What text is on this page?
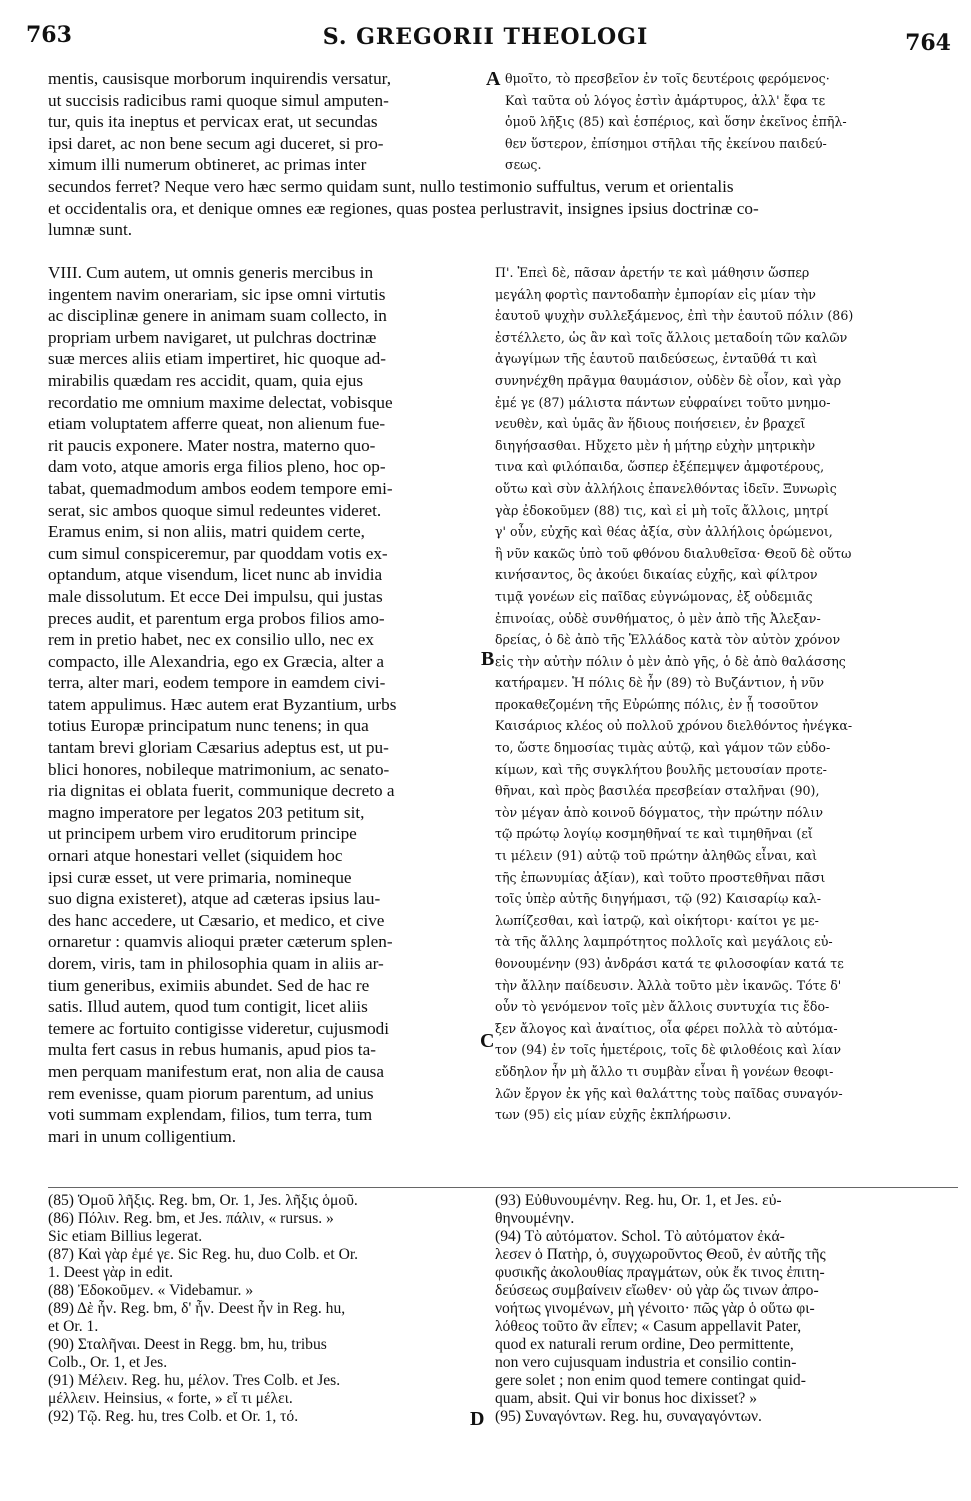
763	S. GREGORII THEOLOGI	764
A
B
C
D
mentis, causisque morborum inquirendis versatur,
ut succisis radicibus rami quoque simul amputen-
tur, quis ita ineptus et pervicax erat, ut secundas
ipsi daret, ac non bene secum agi duceret, si pro-
ximum illi numerum obtineret, ac primas inter
θμοῖτο, τὸ πρεσβεῖον ἐν τοῖς δευτέροις φερόμενος·
Καὶ ταῦτα οὐ λόγος ἐστὶν ἀμάρτυρος, ἀλλ' ἔφα τε
ὁμοῦ λῆξις (85) καὶ ἑσπέριος, καὶ ὅσην ἐκεῖνος ἐπῆλ-
θεν ὕστερον, ἐπίσημοι στῆλαι τῆς ἐκείνου παιδεύ-
σεως.
secundos ferret? Neque vero hæc sermo quidam sunt, nullo testimonio suffultus, verum et orientalis
et occidentalis ora, et denique omnes eæ regiones, quas postea perlustravit, insignes ipsius doctrinæ co-
lumnæ sunt.
VIII. Cum autem, ut omnis generis mercibus in
ingentem navim onerariam, sic ipse omni virtutis
ac disciplinæ genere in animam suam collecto, in
propriam urbem navigaret, ut pulchras doctrinæ
suæ merces aliis etiam impertiret, hic quoque ad-
mirabilis quædam res accidit, quam, quia ejus
recordatio me omnium maxime delectat, vobisque
etiam voluptatem afferre queat, non alienum fue-
rit paucis exponere. Mater nostra, materno quo-
dam voto, atque amoris erga filios pleno, hoc op-
tabat, quemadmodum ambos eodem tempore emi-
serat, sic ambos quoque simul redeuntes videret.
Eramus enim, si non aliis, matri quidem certe,
cum simul conspiceremur, par quoddam votis ex-
optandum, atque visendum, licet nunc ab invidia
male dissolutum. Et ecce Dei impulsu, qui justas
preces audit, et parentum erga probos filios amo-
rem in pretio habet, nec ex consilio ullo, nec ex
compacto, ille Alexandria, ego ex Græcia, alter a
terra, alter mari, eodem tempore in eamdem civi-
tatem appulimus. Hæc autem erat Byzantium, urbs
totius Europæ principatum nunc tenens; in qua
tantam brevi gloriam Cæsarius adeptus est, ut pu-
blici honores, nobileque matrimonium, ac senato-
ria dignitas ei oblata fuerit, communique decreto a
magno imperatore per legatos 203 petitum sit,
ut principem urbem viro eruditorum principe
ornari atque honestari vellet (siquidem hoc
ipsi curæ esset, ut vere primaria, nomineque
suo digna existeret), atque ad cæteras ipsius lau-
des hanc accedere, ut Cæsario, et medico, et cive
ornaretur : quamvis alioqui præter cæterum splen-
dorem, viris, tam in philosophia quam in aliis ar-
tium generibus, eximiis abundet. Sed de hac re
satis. Illud autem, quod tum contigit, licet aliis
temere ac fortuito contigisse videretur, cujusmodi
multa fert casus in rebus humanis, apud pios ta-
men perquam manifestum erat, non alia de causa
rem evenisse, quam piorum parentum, ad unius
voti summam explendam, filios, tum terra, tum
mari in unum colligentium.
Π'. Ἐπεὶ δὲ, πᾶσαν ἀρετήν τε καὶ μάθησιν ὥσπερ
μεγάλη φορτὶς παντοδαπὴν ἐμπορίαν εἰς μίαν τὴν
ἑαυτοῦ ψυχὴν συλλεξάμενος, ἐπὶ τὴν ἑαυτοῦ πόλιν (86)
ἐστέλλετο, ὡς ἂν καὶ τοῖς ἄλλοις μεταδοίη τῶν καλῶν
ἀγωγίμων τῆς ἑαυτοῦ παιδεύσεως, ἐνταῦθά τι καὶ
συνηνέχθη πρᾶγμα θαυμάσιον, οὐδὲν δὲ οἷον, καὶ γὰρ
ἐμέ γε (87) μάλιστα πάντων εὐφραίνει τοῦτο μνημο-
νευθὲν, καὶ ὑμᾶς ἂν ἥδιους ποιήσειεν, ἐν βραχεῖ
διηγήσασθαι. Ηὔχετο μὲν ἡ μήτηρ εὐχὴν μητρικὴν
τινα καὶ φιλόπαιδα, ὥσπερ ἐξέπεμψεν ἀμφοτέρους,
οὕτω καὶ σὺν ἀλλήλοις ἐπανελθόντας ἰδεῖν. Ξυνωρὶς
γὰρ ἐδοκοῦμεν (88) τις, καὶ εἰ μὴ τοῖς ἄλλοις, μητρί
γ' οὖν, εὐχῆς καὶ θέας ἀξία, σὺν ἀλλήλοις ὁρώμενοι,
ἣ νῦν κακῶς ὑπὸ τοῦ φθόνου διαλυθεῖσα· Θεοῦ δὲ οὕτω
κινήσαντος, ὃς ἀκούει δικαίας εὐχῆς, καὶ φίλτρον
τιμᾷ γονέων εἰς παῖδας εὐγνώμονας, ἐξ οὐδεμιᾶς
ἐπινοίας, οὐδὲ συνθήματος, ὁ μὲν ἀπὸ τῆς Ἀλεξαν-
δρείας, ὁ δὲ ἀπὸ τῆς Ἑλλάδος κατὰ τὸν αὐτὸν χρόνον
εἰς τὴν αὐτὴν πόλιν ὁ μὲν ἀπὸ γῆς, ὁ δὲ ἀπὸ θαλάσσης
κατήραμεν. Ἡ πόλις δὲ ἦν (89) τὸ Βυζάντιον, ἡ νῦν
προκαθεζομένη τῆς Εὐρώπης πόλις, ἐν ᾗ τοσοῦτον
Καισάριος κλέος οὐ πολλοῦ χρόνου διελθόντος ἠνέγκα-
το, ὥστε δημοσίας τιμὰς αὐτῷ, καὶ γάμον τῶν εὐδο-
κίμων, καὶ τῆς συγκλήτου βουλῆς μετουσίαν προτε-
θῆναι, καὶ πρὸς βασιλέα πρεσβείαν σταλῆναι (90),
τὸν μέγαν ἀπὸ κοινοῦ δόγματος, τὴν πρώτην πόλιν
τῷ πρώτῳ λογίῳ κοσμηθῆναί τε καὶ τιμηθῆναι (εἴ
τι μέλειν (91) αὐτῷ τοῦ πρώτην ἀληθῶς εἶναι, καὶ
τῆς ἐπωνυμίας ἀξίαν), καὶ τοῦτο προστεθῆναι πᾶσι
τοῖς ὑπὲρ αὐτῆς διηγήμασι, τῷ (92) Καισαρίῳ καλ-
λωπίζεσθαι, καὶ ἰατρῷ, καὶ οἰκήτορι· καίτοι γε με-
τὰ τῆς ἄλλης λαμπρότητος πολλοῖς καὶ μεγάλοις εὐ-
θονουμένην (93) ἀνδράσι κατά τε φιλοσοφίαν κατά τε
τὴν ἄλλην παίδευσιν. Ἀλλὰ τοῦτο μὲν ἱκανῶς. Τότε δ'
οὖν τὸ γενόμενον τοῖς μὲν ἄλλοις συντυχία τις ἔδο-
ξεν ἄλογος καὶ ἀναίτιος, οἷα φέρει πολλὰ τὸ αὐτόμα-
τον (94) ἐν τοῖς ἡμετέροις, τοῖς δὲ φιλοθέοις καὶ λίαν
εὔδηλον ἦν μὴ ἄλλο τι συμβὰν εἶναι ἢ γονέων θεοφι-
λῶν ἔργον ἐκ γῆς καὶ θαλάττης τοὺς παῖδας συναγόν-
των (95) εἰς μίαν εὐχῆς ἐκπλήρωσιν.
(85) Ὁμοῦ λῆξις. Reg. bm, Or. 1, Jes. λῆξις ὁμοῦ.
(86) Πόλιν. Reg. bm, et Jes. πάλιν, « rursus. »
Sic etiam Billius legerat.
(87) Καὶ γὰρ ἐμέ γε. Sic Reg. hu, duo Colb. et Or.
1. Deest γὰρ in edit.
(88) Ἐδοκοῦμεν. « Videbamur. »
(89) Δὲ ἦν. Reg. bm, δ' ἦν. Deest ἦν in Reg. hu,
et Or. 1.
(90) Σταλῆναι. Deest in Regg. bm, hu, tribus
Colb., Or. 1, et Jes.
(91) Μέλειν. Reg. hu, μέλον. Tres Colb. et Jes.
μέλλειν. Heinsius, « forte, » εἴ τι μέλει.
(92) Τῷ. Reg. hu, tres Colb. et Or. 1, τό.
(93) Εὐθυνουμένην. Reg. hu, Or. 1, et Jes. εὐ-
θηνουμένην.
(94) Τὸ αὐτόματον. Schol. Τὸ αὐτόματον ἐκά-
λεσεν ὁ Πατὴρ, ὁ, συγχωροῦντος Θεοῦ, ἐν αὐτῆς τῆς
φυσικῆς ἀκολουθίας πραγμάτων, οὐκ ἔκ τινος ἐπιτη-
δεύσεως συμβαίνειν εἴωθεν· οὐ γὰρ ὥς τινων ἀπρο-
νοήτως γινομένων, μὴ γένοιτο· πῶς γὰρ ὁ οὕτω φι-
λόθεος τοῦτο ἂν εἶπεν; « Casum appellavit Pater,
quod ex naturali rerum ordine, Deo permittente,
non vero cujusquam industria et consilio contin-
gere solet ; non enim quod temere contingat quid-
quam, absit. Qui vir bonus hoc dixisset? »
(95) Συναγόντων. Reg. hu, συναγαγόντων.
